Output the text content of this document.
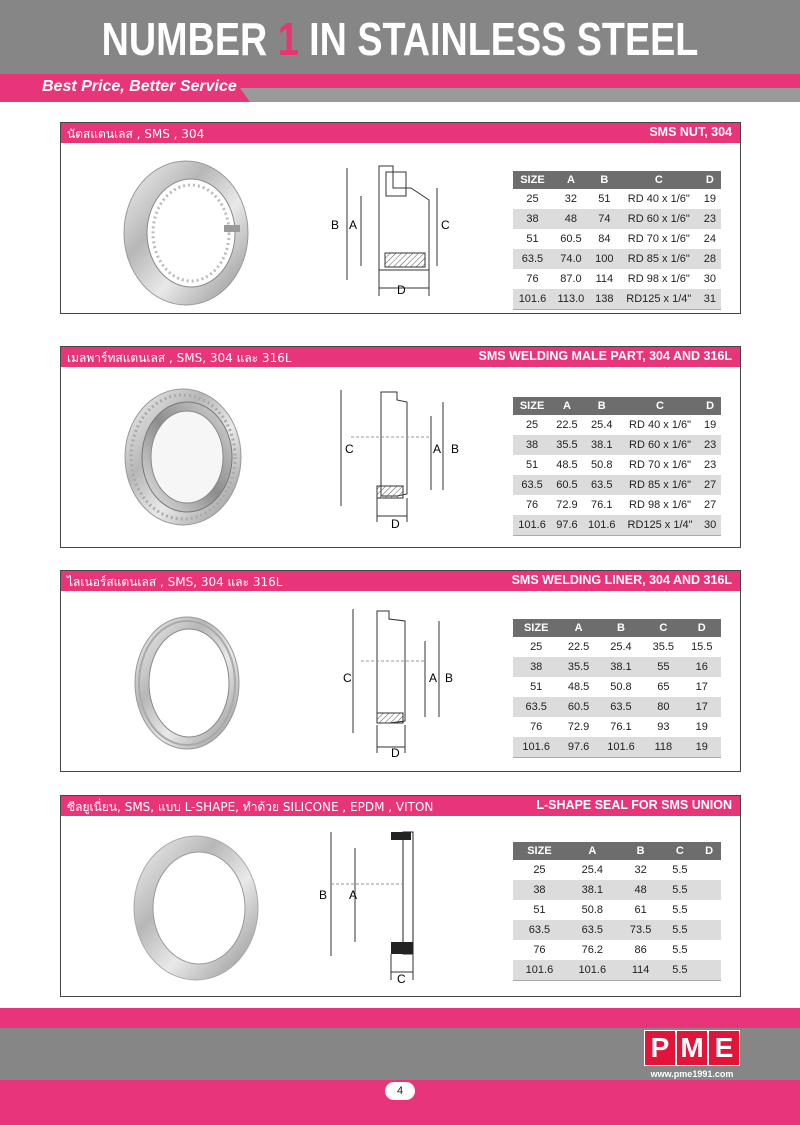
NUMBER 1 IN STAINLESS STEEL
Best Price, Better Service
นัตสแตนเลส , SMS , 304	SMS NUT, 304
B A	C
D
SIZE	A	B	C	D
25	32	51	RD 40 x 1/6"	19
38	48	74	RD 60 x 1/6"	23
51	60.5	84	RD 70 x 1/6"	24
63.5	74.0	100	RD 85 x 1/6"	28
76	87.0	114	RD 98 x 1/6"	30
101.6	113.0	138	RD125 x 1/4"	31
เมลพาร์ทสแตนเลส , SMS, 304 และ 316L	SMS WELDING MALE PART, 304 AND 316L
C	A B
D
SIZE	A	B	C	D
25	22.5	25.4	RD 40 x 1/6"	19
38	35.5	38.1	RD 60 x 1/6"	23
51	48.5	50.8	RD 70 x 1/6"	23
63.5	60.5	63.5	RD 85 x 1/6"	27
76	72.9	76.1	RD 98 x 1/6"	27
101.6	97.6	101.6	RD125 x 1/4"	30
ไลเนอร์สแตนเลส , SMS, 304 และ 316L	SMS WELDING LINER, 304 AND 316L
C	A B
D
SIZE	A	B	C	D
25	22.5	25.4	35.5	15.5
38	35.5	38.1	55	16
51	48.5	50.8	65	17
63.5	60.5	63.5	80	17
76	72.9	76.1	93	19
101.6	97.6	101.6	118	19
ซีลยูเนี่ยน, SMS, แบบ L-SHAPE, ทำด้วย SILICONE , EPDM , VITON	L-SHAPE SEAL FOR SMS UNION
B A
C
SIZE	A	B	C	D
25	25.4	32	5.5	
38	38.1	48	5.5	
51	50.8	61	5.5	
63.5	63.5	73.5	5.5	
76	76.2	86	5.5	
101.6	101.6	114	5.5	
P M E
www.pme1991.com
4
